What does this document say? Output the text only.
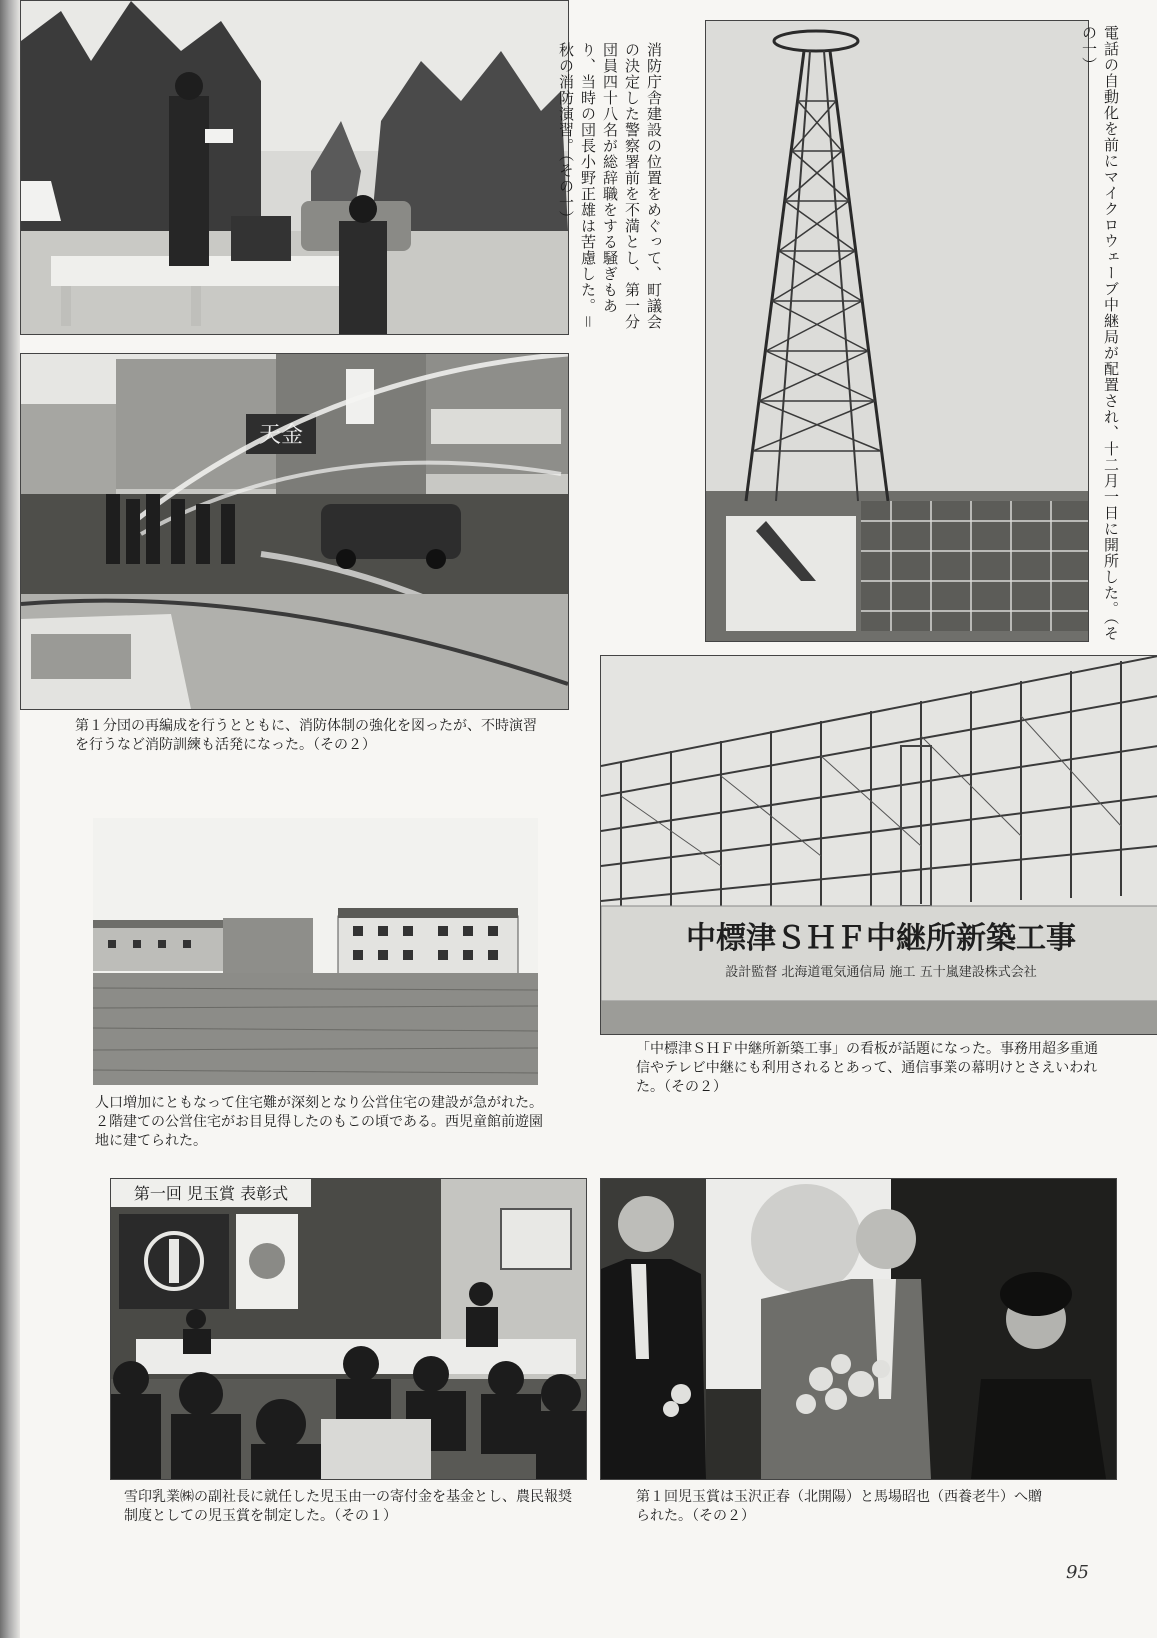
消防庁舎建設の位置をめぐって、町議会の決定した警察署前を不満とし、第一分団員四十八名が総辞職をする騒ぎもあり、当時の団長小野正雄は苦慮した。＝秋の消防演習。（その一）	電話の自動化を前にマイクロウェーブ中継局が配置され、十二月一日に開所した。（その一）
天金
第１分団の再編成を行うとともに、消防体制の強化を図ったが、不時演習を行うなど消防訓練も活発になった。（その２）
中標津ＳＨＦ中継所新築工事
設計監督 北海道電気通信局 施工 五十嵐建設株式会社
「中標津ＳＨＦ中継所新築工事」の看板が話題になった。事務用超多重通信やテレビ中継にも利用されるとあって、通信事業の幕明けとさえいわれた。（その２）
人口増加にともなって住宅難が深刻となり公営住宅の建設が急がれた。２階建ての公営住宅がお目見得したのもこの頃である。西児童館前遊園地に建てられた。
第一回 児玉賞 表彰式
雪印乳業㈱の副社長に就任した児玉由一の寄付金を基金とし、農民報奨制度としての児玉賞を制定した。（その１）
第１回児玉賞は玉沢正春（北開陽）と馬場昭也（西養老牛）へ贈られた。（その２）
95
